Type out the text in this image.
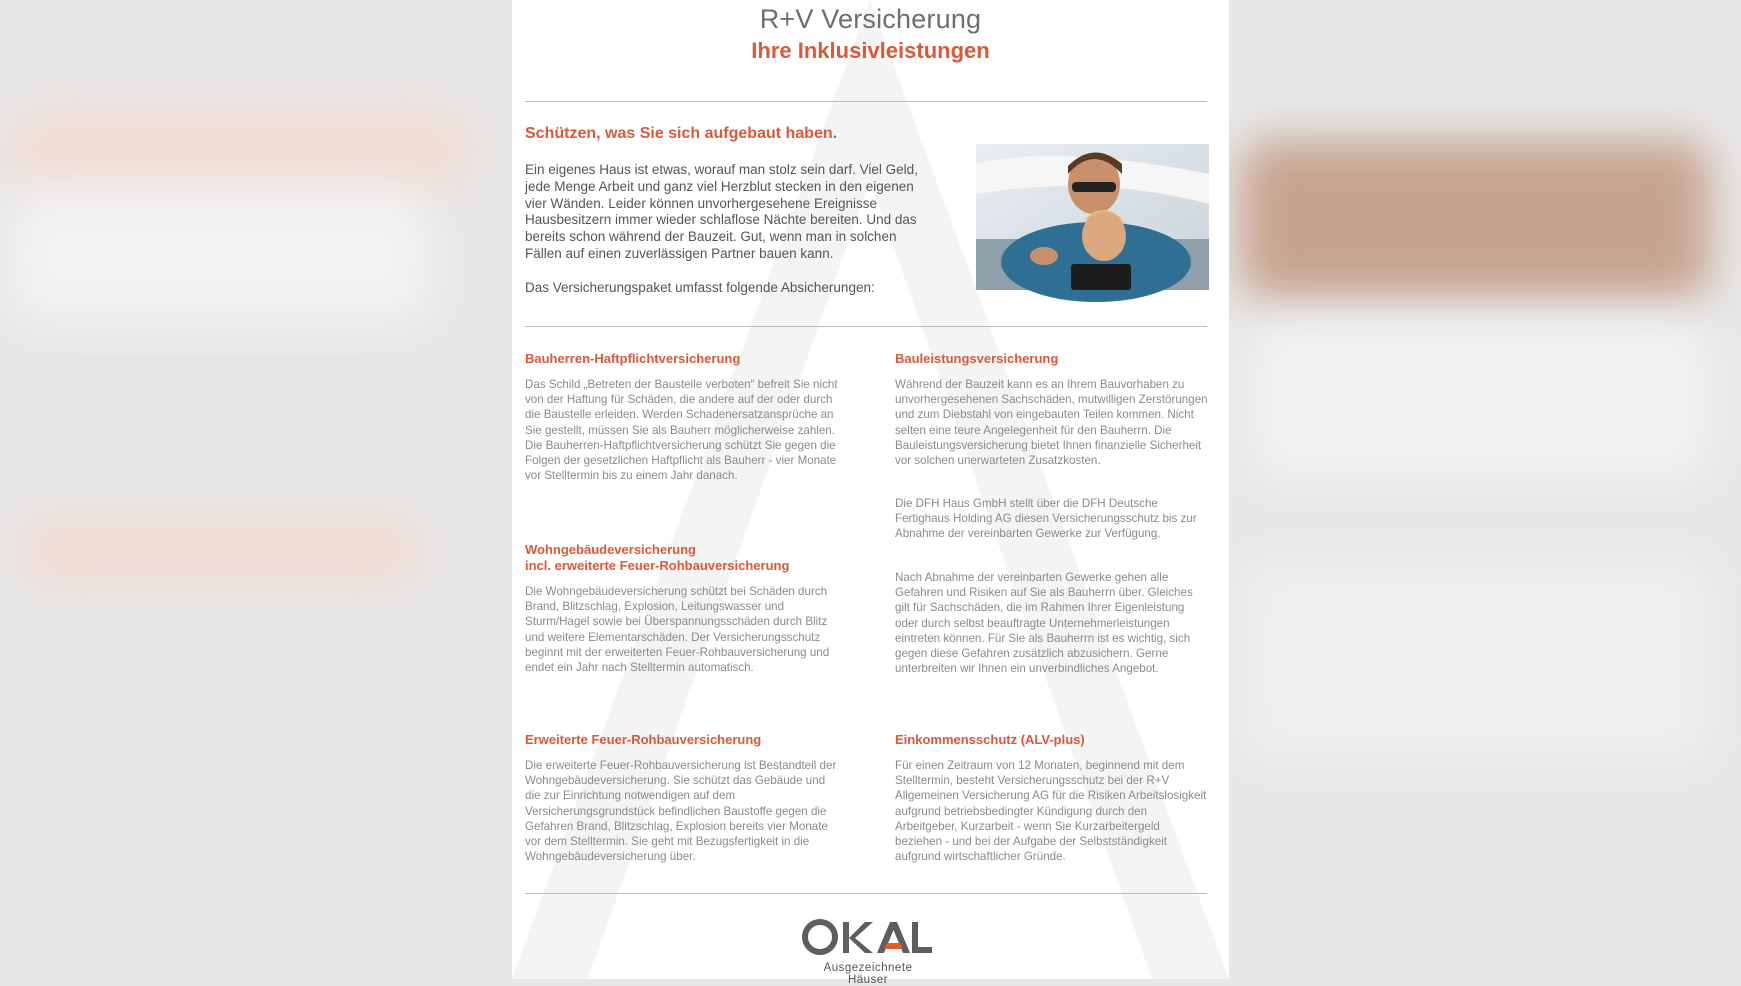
R+V Versicherung
Ihre Inklusivleistungen
Schützen, was Sie sich aufgebaut haben.
Ein eigenes Haus ist etwas, worauf man stolz sein darf. Viel Geld, jede Menge Arbeit und ganz viel Herzblut stecken in den eigenen vier Wänden. Leider können unvorhergesehene Ereignisse Hausbesitzern immer wieder schlaflose Nächte bereiten. Und das bereits schon während der Bauzeit. Gut, wenn man in solchen Fällen auf einen zuverlässigen Partner bauen kann.
Das Versicherungspaket umfasst folgende Absicherungen:
Bauherren-Haftpflichtversicherung
Das Schild „Betreten der Baustelle verboten“ befreit Sie nicht von der Haftung für Schäden, die andere auf der oder durch die Baustelle erleiden. Werden Schadenersatzansprüche an Sie gestellt, müssen Sie als Bauherr möglicherweise zahlen. Die Bauherren-Haftpflichtversicherung schützt Sie gegen die Folgen der gesetzlichen Haftpflicht als Bauherr - vier Monate vor Stelltermin bis zu einem Jahr danach.
Wohngebäudeversicherung
incl. erweiterte Feuer-Rohbauversicherung
Die Wohngebäudeversicherung schützt bei Schäden durch Brand, Blitzschlag, Explosion, Leitungswasser und Sturm/Hagel sowie bei Überspannungsschäden durch Blitz und weitere Elementarschäden. Der Versicherungsschutz beginnt mit der erweiterten Feuer-Rohbauversicherung und endet ein Jahr nach Stelltermin automatisch.
Erweiterte Feuer-Rohbauversicherung
Die erweiterte Feuer-Rohbauversicherung ist Bestandteil der Wohngebäudeversicherung. Sie schützt das Gebäude und die zur Einrichtung notwendigen auf dem Versicherungsgrundstück befindlichen Baustoffe gegen die Gefahren Brand, Blitzschlag, Explosion bereits vier Monate vor dem Stelltermin. Sie geht mit Bezugsfertigkeit in die Wohngebäudeversicherung über.
Bauleistungsversicherung
Während der Bauzeit kann es an Ihrem Bauvorhaben zu unvorhergesehenen Sachschäden, mutwilligen Zerstörungen und zum Diebstahl von eingebauten Teilen kommen. Nicht selten eine teure Angelegenheit für den Bauherrn. Die Bauleistungsversicherung bietet Ihnen finanzielle Sicherheit vor solchen unerwarteten Zusatzkosten.
Die DFH Haus GmbH stellt über die DFH Deutsche Fertighaus Holding AG diesen Versicherungsschutz bis zur Abnahme der vereinbarten Gewerke zur Verfügung.
Nach Abnahme der vereinbarten Gewerke gehen alle Gefahren und Risiken auf Sie als Bauherrn über. Gleiches gilt für Sachschäden, die im Rahmen Ihrer Eigenleistung oder durch selbst beauftragte Unternehmerleistungen eintreten können. Für Sie als Bauherrn ist es wichtig, sich gegen diese Gefahren zusätzlich abzusichern. Gerne unterbreiten wir Ihnen ein unverbindliches Angebot.
Einkommensschutz (ALV-plus)
Für einen Zeitraum von 12 Monaten, beginnend mit dem Stelltermin, besteht Versicherungsschutz bei der R+V Allgemeinen Versicherung AG für die Risiken Arbeitslosigkeit aufgrund betriebsbedingter Kündigung durch den Arbeitgeber, Kurzarbeit - wenn Sie Kurzarbeitergeld beziehen - und bei der Aufgabe der Selbstständigkeit aufgrund wirtschaftlicher Gründe.
Ausgezeichnete Häuser
